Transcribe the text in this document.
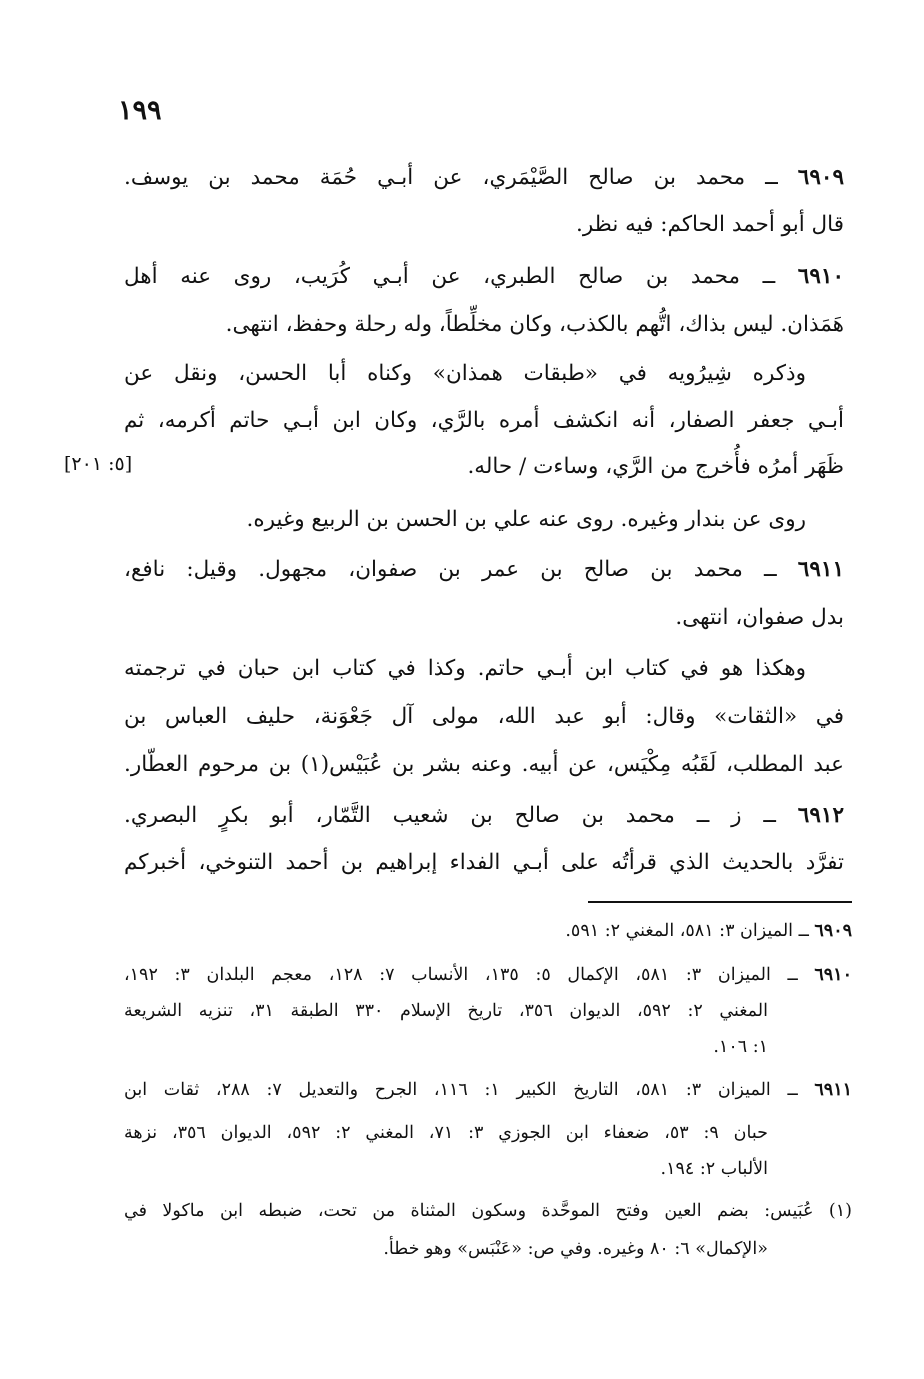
١٩٩
٦٩٠٩ ــ محمد بن صالح الصَّيْمَري، عن أبـي حُمَة محمد بن يوسف.
قال أبو أحمد الحاكم: فيه نظر.
٦٩١٠ ــ محمد بن صالح الطبري، عن أبـي كُرَيب، روى عنه أهل
هَمَذان. ليس بذاك، اتُّهم بالكذب، وكان مخلِّطاً، وله رحلة وحفظ، انتهى.
وذكره شِيرُويه في «طبقات همذان» وكناه أبا الحسن، ونقل عن
أبـي جعفر الصفار، أنه انكشف أمره بالرَّي، وكان ابن أبـي حاتم أكرمه، ثم
ظَهَر أمرُه فأُخرج من الرَّي، وساءت / حاله.
[٥: ٢٠١]
روى عن بندار وغيره. روى عنه علي بن الحسن بن الربيع وغيره.
٦٩١١ ــ محمد بن صالح بن عمر بن صفوان، مجهول. وقيل: نافع،
بدل صفوان، انتهى.
وهكذا هو في كتاب ابن أبـي حاتم. وكذا في كتاب ابن حبان في ترجمته
في «الثقات» وقال: أبو عبد الله، مولى آل جَعْوَنة، حليف العباس بن
عبد المطلب، لَقَبُه مِكْيَس، عن أبيه. وعنه بشر بن عُبَيْس(١) بن مرحوم العطّار.
٦٩١٢ ــ ز ــ محمد بن صالح بن شعيب التَّمّار، أبو بكرٍ البصري.
تفرَّد بالحديث الذي قرأتُه على أبـي الفداء إبراهيم بن أحمد التنوخي، أخبركم
٦٩٠٩ ــ الميزان ٣: ٥٨١، المغني ٢: ٥٩١.
٦٩١٠ ــ الميزان ٣: ٥٨١، الإكمال ٥: ١٣٥، الأنساب ٧: ١٢٨، معجم البلدان ٣: ١٩٢،
المغني ٢: ٥٩٢، الديوان ٣٥٦، تاريخ الإسلام ٣٣٠ الطبقة ٣١، تنزيه الشريعة
١: ١٠٦.
٦٩١١ ــ الميزان ٣: ٥٨١، التاريخ الكبير ١: ١١٦، الجرح والتعديل ٧: ٢٨٨، ثقات ابن
حبان ٩: ٥٣، ضعفاء ابن الجوزي ٣: ٧١، المغني ٢: ٥٩٢، الديوان ٣٥٦، نزهة
الألباب ٢: ١٩٤.
(١) عُبَيس: بضم العين وفتح الموحَّدة وسكون المثناة من تحت، ضبطه ابن ماكولا في
«الإكمال» ٦: ٨٠ وغيره. وفي ص: «عَنْبَس» وهو خطأ.
